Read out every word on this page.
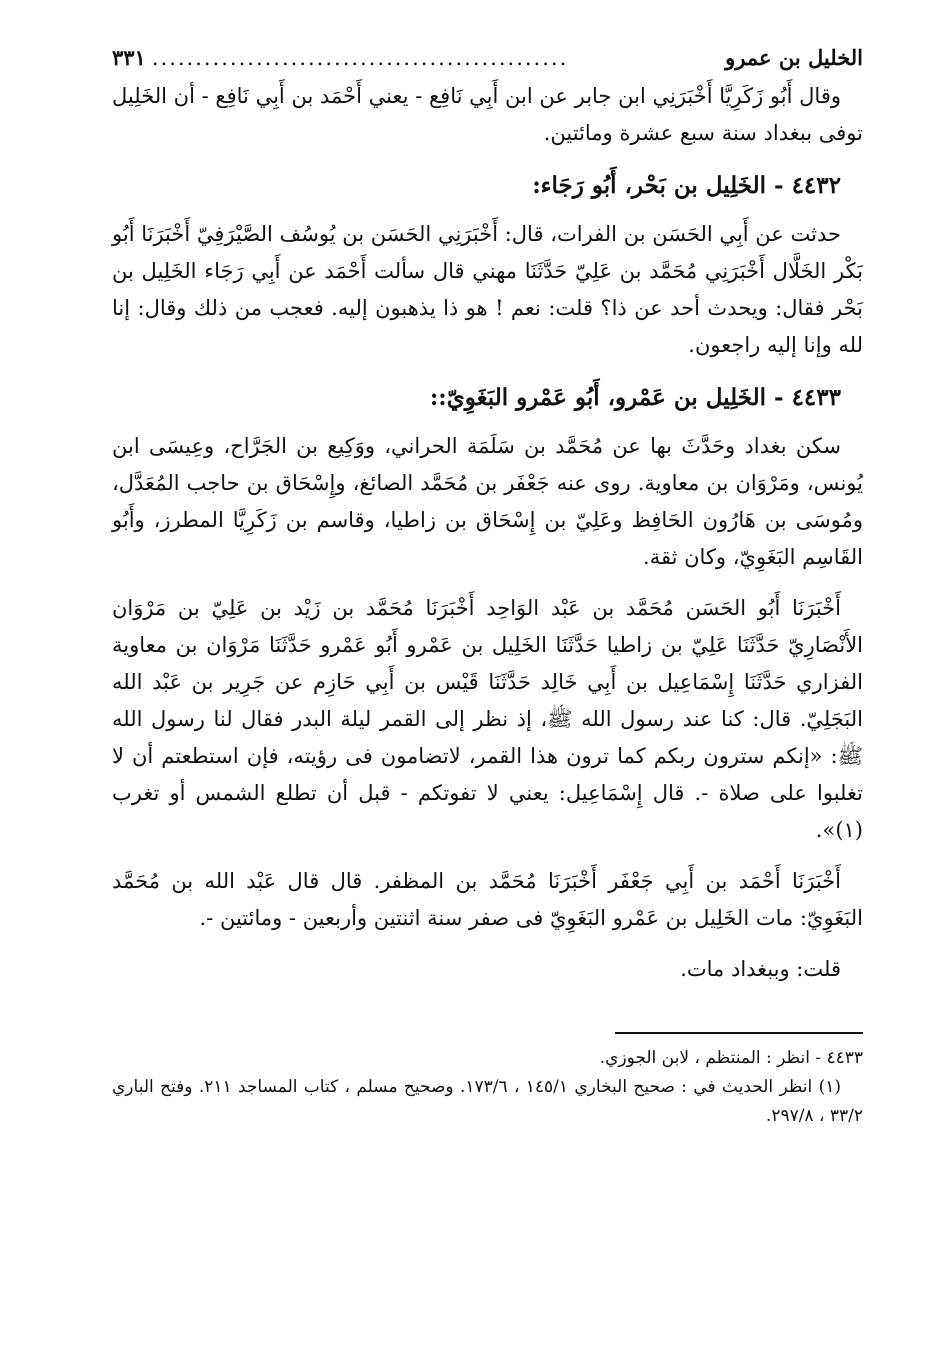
الخليل بن عمرو
................................................
٣٣١

وقال أَبُو زَكَرِيَّا أَخْبَرَنِي ابن جابر عن ابن أَبِي نَافِع - يعني أَحْمَد بن أَبِي نَافِع - أن الخَلِيل توفى ببغداد سنة سبع عشرة ومائتين.

٤٤٣٢ - الخَلِيل بن بَحْر، أَبُو رَجَاء:

حدثت عن أَبِي الحَسَن بن الفرات، قال: أَخْبَرَنِي الحَسَن بن يُوسُف الصَّيْرَفِيّ أَخْبَرَنَا أَبُو بَكْر الخَلَّال أَخْبَرَنِي مُحَمَّد بن عَلِيّ حَدَّثَنَا مهني قال سألت أَحْمَد عن أَبِي رَجَاء الخَلِيل بن بَحْر فقال: ويحدث أحد عن ذا؟ قلت: نعم ! هو ذا يذهبون إليه. فعجب من ذلك وقال: إنا لله وإنا إليه راجعون.

٤٤٣٣ - الخَلِيل بن عَمْرو، أَبُو عَمْرو البَغَوِيّ::

سكن بغداد وحَدَّثَ بها عن مُحَمَّد بن سَلَمَة الحراني، ووَكِيع بن الجَرَّاح، وعِيسَى ابن يُونس، ومَرْوَان بن معاوية. روى عنه جَعْفَر بن مُحَمَّد الصائغ، وإِسْحَاق بن حاجب المُعَدَّل، ومُوسَى بن هَارُون الحَافِظ وعَلِيّ بن إِسْحَاق بن زاطيا، وقاسم بن زَكَرِيَّا المطرز، وأَبُو القَاسِم البَغَوِيّ، وكان ثقة.

أَخْبَرَنَا أَبُو الحَسَن مُحَمَّد بن عَبْد الوَاحِد أَخْبَرَنَا مُحَمَّد بن زَيْد بن عَلِيّ بن مَرْوَان الأَنْصَارِيّ حَدَّثَنَا عَلِيّ بن زاطيا حَدَّثَنَا الخَلِيل بن عَمْرو أَبُو عَمْرو حَدَّثَنَا مَرْوَان بن معاوية الفزاري حَدَّثَنَا إِسْمَاعِيل بن أَبِي خَالِد حَدَّثَنَا قَيْس بن أَبِي حَازِم عن جَرِير بن عَبْد الله البَجَلِيّ. قال: كنا عند رسول الله ﷺ، إذ نظر إلى القمر ليلة البدر فقال لنا رسول الله ﷺ: «إنكم سترون ربكم كما ترون هذا القمر، لاتضامون فى رؤيته، فإن استطعتم أن لا تغلبوا على صلاة -. قال إِسْمَاعِيل: يعني لا تفوتكم - قبل أن تطلع الشمس أو تغرب (١)».

أَخْبَرَنَا أَحْمَد بن أَبِي جَعْفَر أَخْبَرَنَا مُحَمَّد بن المظفر. قال قال عَبْد الله بن مُحَمَّد البَغَوِيّ: مات الخَلِيل بن عَمْرو البَغَوِيّ فى صفر سنة اثنتين وأربعين - ومائتين -.

قلت: وببغداد مات.

٤٤٣٣ - انظر : المنتظم ، لابن الجوزي.

(١) انظر الحديث في : صحيح البخاري ١٤٥/١ ، ١٧٣/٦. وصحيح مسلم ، كتاب المساجد ٢١١. وفتح الباري ٣٣/٢ ، ٢٩٧/٨.
